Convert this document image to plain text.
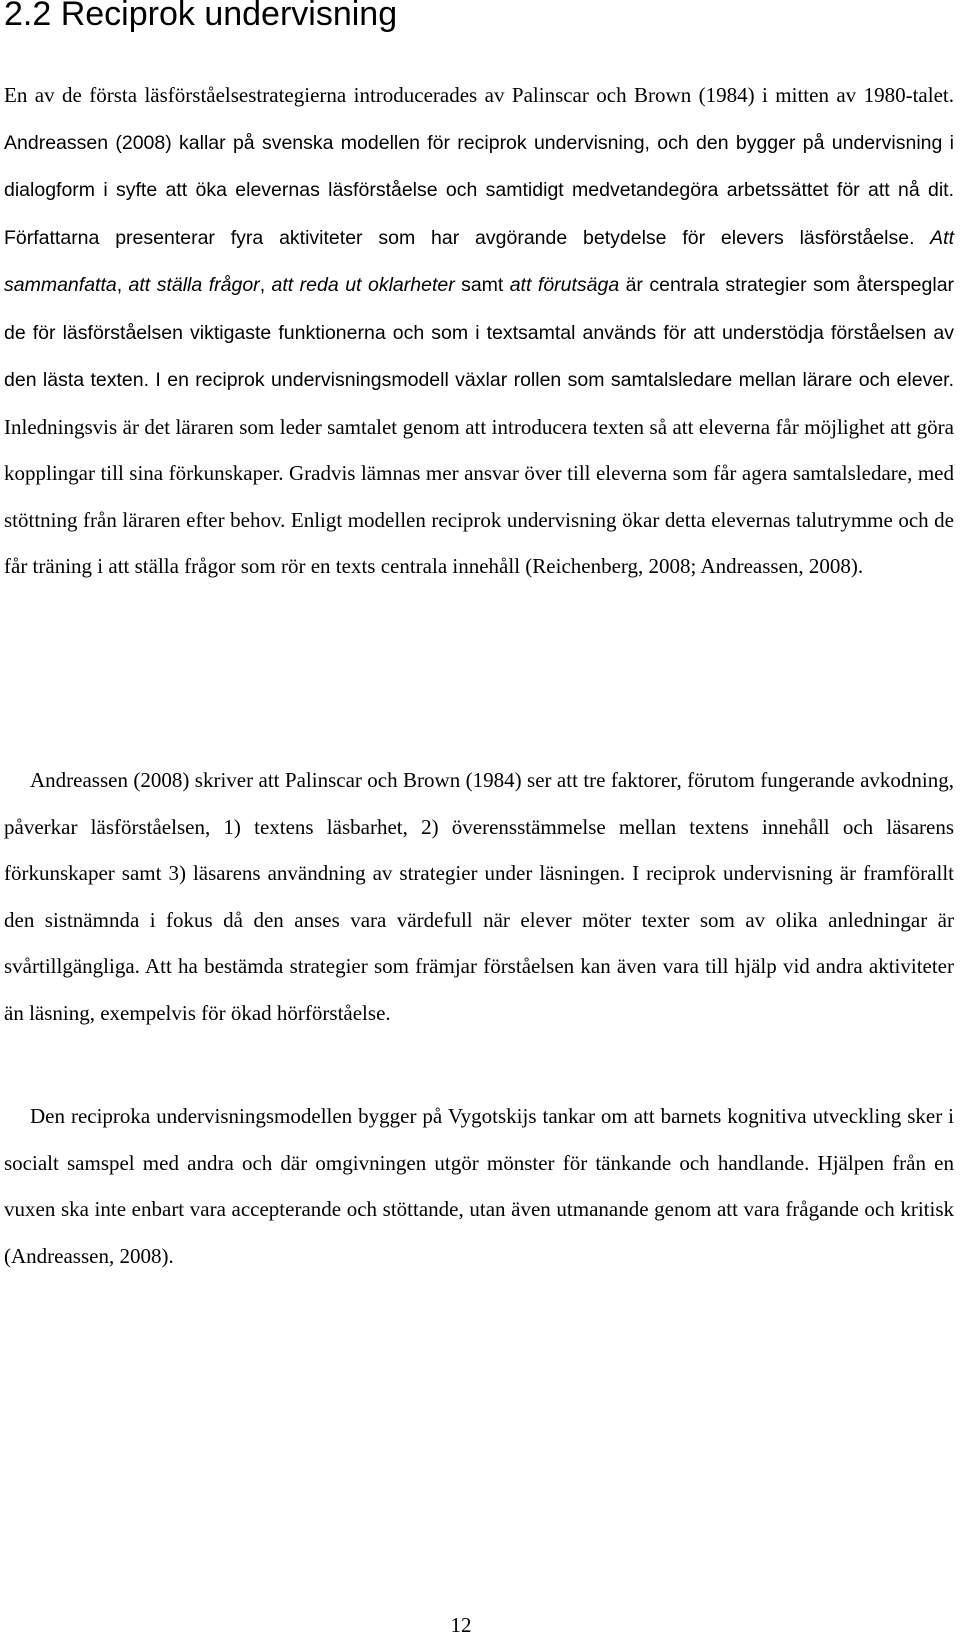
2.2 Reciprok undervisning

En av de första läsförståelsestrategierna introducerades av Palinscar och Brown (1984) i mitten av 1980-talet. Andreassen (2008) kallar på svenska modellen för reciprok undervisning, och den bygger på undervisning i dialogform i syfte att öka elevernas läsförståelse och samtidigt medvetandegöra arbetssättet för att nå dit. Författarna presenterar fyra aktiviteter som har avgörande betydelse för elevers läsförståelse. Att sammanfatta, att ställa frågor, att reda ut oklarheter samt att förutsäga är centrala strategier som återspeglar de för läsförståelsen viktigaste funktionerna och som i textsamtal används för att understödja förståelsen av den lästa texten. I en reciprok undervisningsmodell växlar rollen som samtalsledare mellan lärare och elever. Inledningsvis är det läraren som leder samtalet genom att introducera texten så att eleverna får möjlighet att göra kopplingar till sina förkunskaper. Gradvis lämnas mer ansvar över till eleverna som får agera samtalsledare, med stöttning från läraren efter behov. Enligt modellen reciprok undervisning ökar detta elevernas talutrymme och de får träning i att ställa frågor som rör en texts centrala innehåll (Reichenberg, 2008; Andreassen, 2008).

Andreassen (2008) skriver att Palinscar och Brown (1984) ser att tre faktorer, förutom fungerande avkodning, påverkar läsförståelsen, 1) textens läsbarhet, 2) överensstämmelse mellan textens innehåll och läsarens förkunskaper samt 3) läsarens användning av strategier under läsningen. I reciprok undervisning är framförallt den sistnämnda i fokus då den anses vara värdefull när elever möter texter som av olika anledningar är svårtillgängliga. Att ha bestämda strategier som främjar förståelsen kan även vara till hjälp vid andra aktiviteter än läsning, exempelvis för ökad hörförståelse.

Den reciproka undervisningsmodellen bygger på Vygotskijs tankar om att barnets kognitiva utveckling sker i socialt samspel med andra och där omgivningen utgör mönster för tänkande och handlande. Hjälpen från en vuxen ska inte enbart vara accepterande och stöttande, utan även utmanande genom att vara frågande och kritisk (Andreassen, 2008).

12
